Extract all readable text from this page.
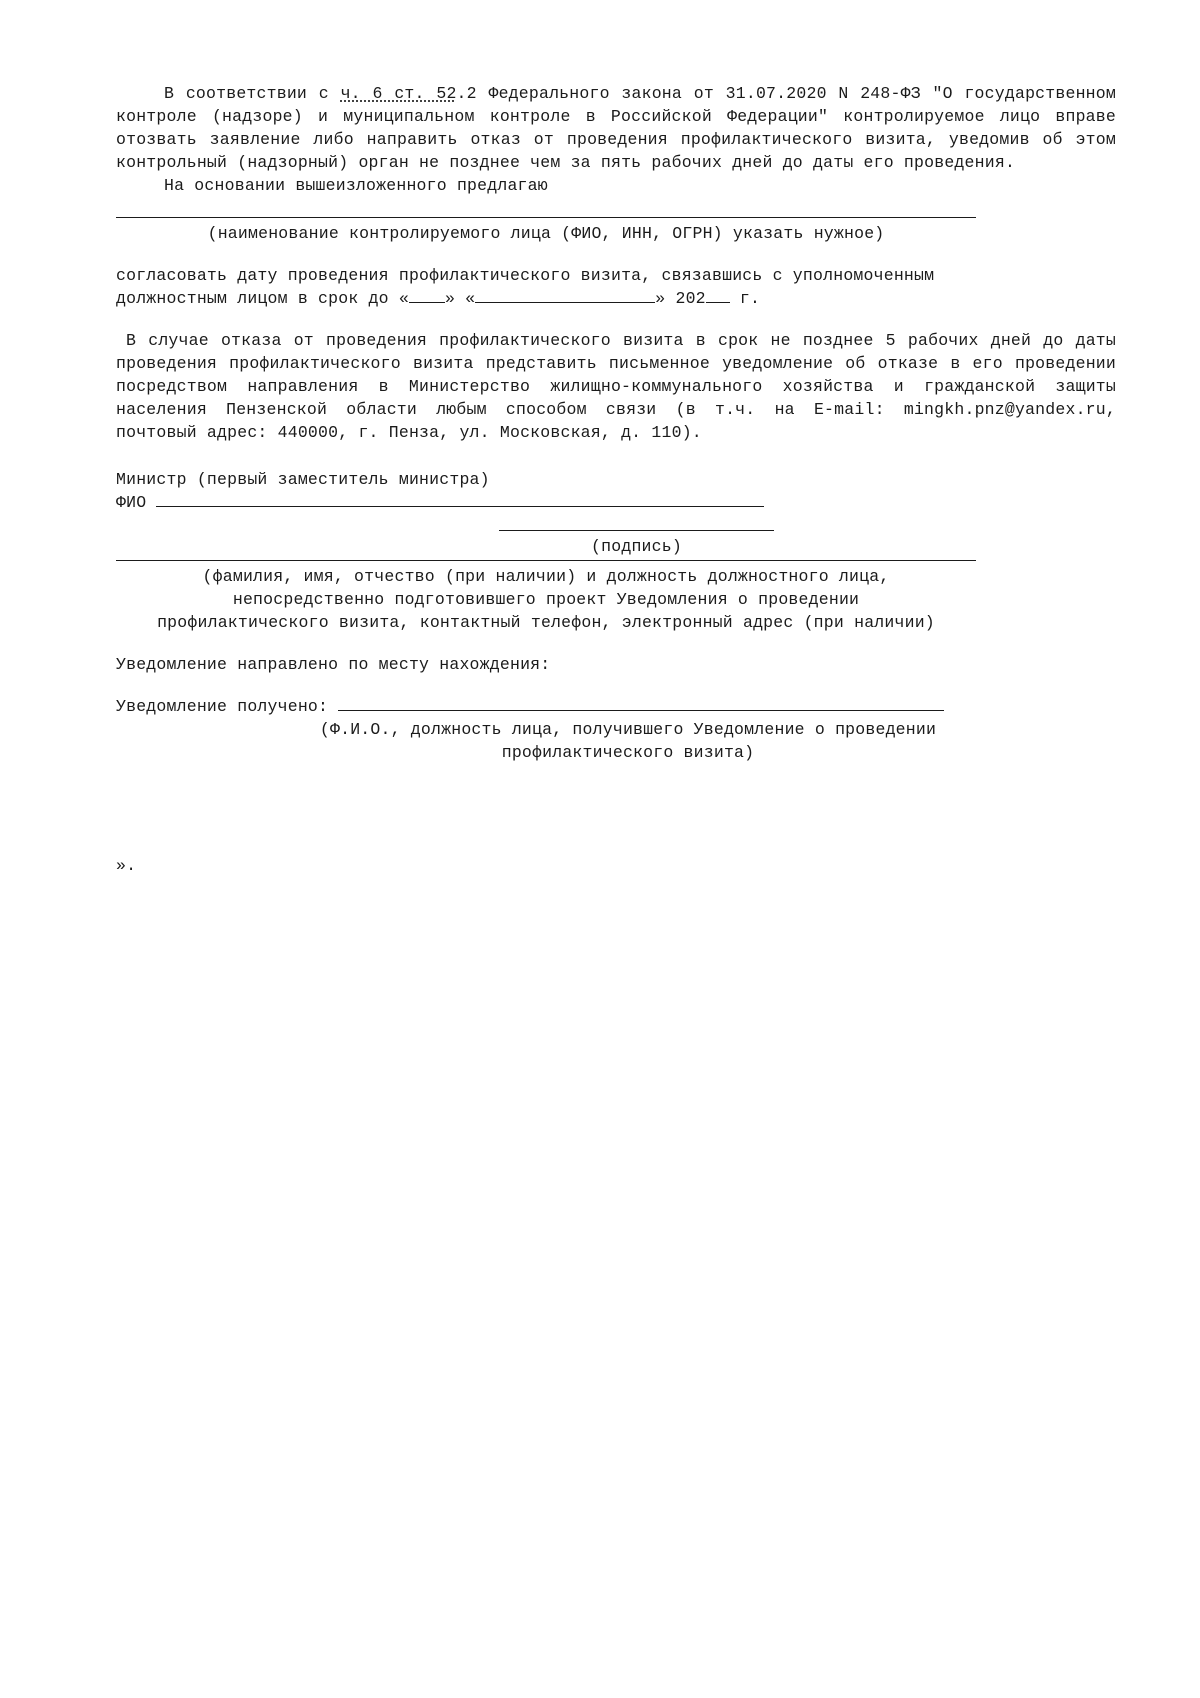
В соответствии с ч. 6 ст. 52.2 Федерального закона от 31.07.2020 N 248-ФЗ "О государственном контроле (надзоре) и муниципальном контроле в Российской Федерации" контролируемое лицо вправе отозвать заявление либо направить отказ от проведения профилактического визита, уведомив об этом контрольный (надзорный) орган не позднее чем за пять рабочих дней до даты его проведения.

На основании вышеизложенного предлагаю

(наименование контролируемого лица (ФИО, ИНН, ОГРН) указать нужное)

согласовать дату проведения профилактического визита, связавшись с уполномоченным

должностным лицом в срок до « » «	» 202 г.

В случае отказа от проведения профилактического визита в срок не позднее 5 рабочих дней до даты проведения профилактического визита представить письменное уведомление об отказе в его проведении посредством направления в Министерство жилищно-коммунального хозяйства и гражданской защиты населения Пензенской области любым способом связи (в т.ч. на E-mail: mingkh.pnz@yandex.ru, почтовый адрес: 440000, г. Пенза, ул. Московская, д. 110).

Министр (первый заместитель министра)

ФИО

(подпись)

(фамилия, имя, отчество (при наличии) и должность должностного лица, непосредственно подготовившего проект Уведомления о проведении профилактического визита, контактный телефон, электронный адрес (при наличии)

Уведомление направлено по месту нахождения:

Уведомление получено:

(Ф.И.О., должность лица, получившего Уведомление о проведении профилактического визита)

».
